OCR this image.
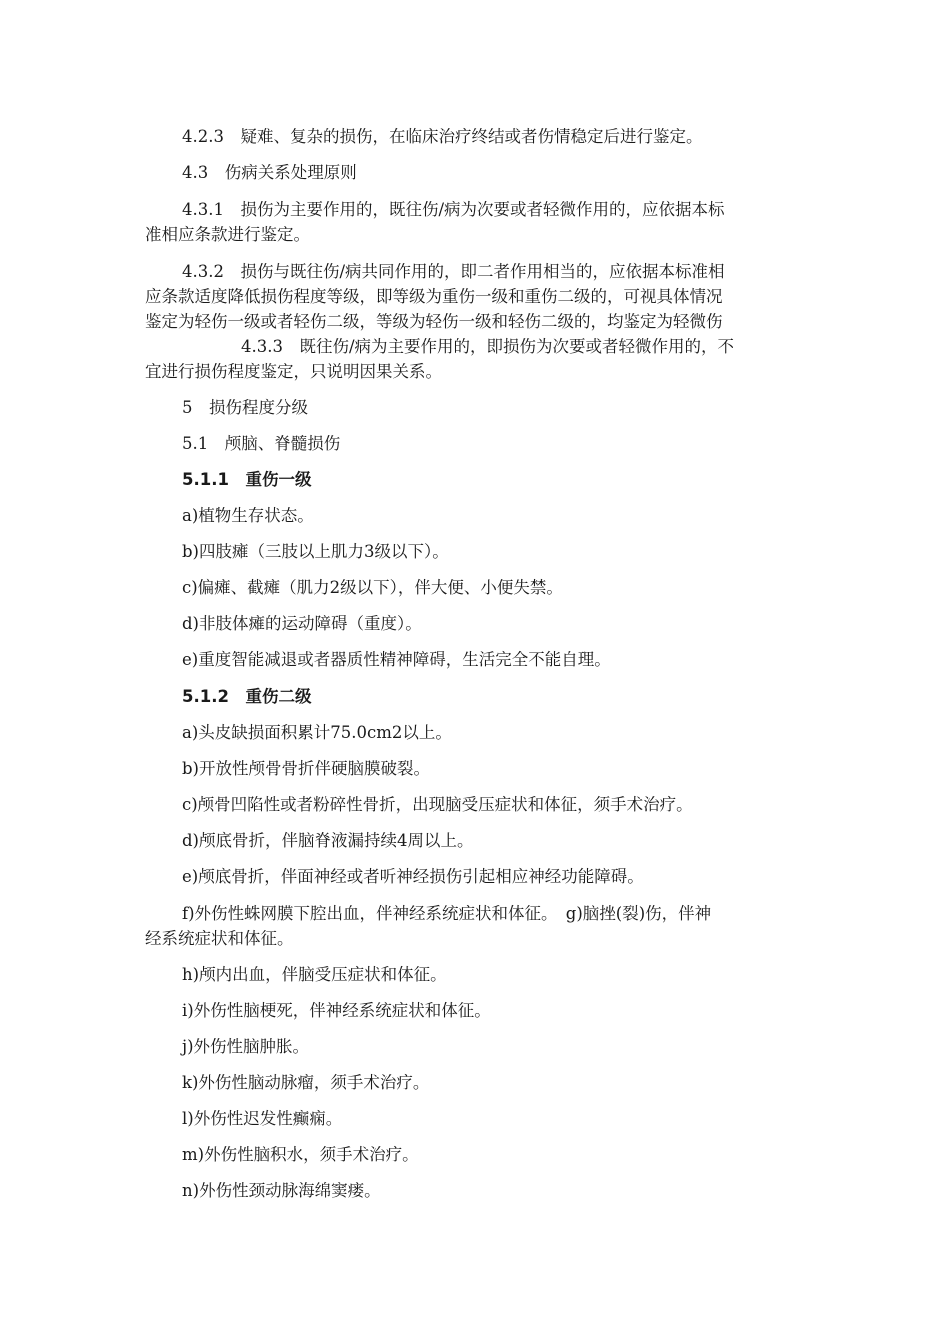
4.2.3　疑难、复杂的损伤，在临床治疗终结或者伤情稳定后进行鉴定。
4.3　伤病关系处理原则
4.3.1　损伤为主要作用的，既往伤/病为次要或者轻微作用的，应依据本标
准相应条款进行鉴定。
4.3.2　损伤与既往伤/病共同作用的，即二者作用相当的，应依据本标准相
应条款适度降低损伤程度等级，即等级为重伤一级和重伤二级的，可视具体情况
鉴定为轻伤一级或者轻伤二级，等级为轻伤一级和轻伤二级的，均鉴定为轻微伤
4.3.3　既往伤/病为主要作用的，即损伤为次要或者轻微作用的，不
宜进行损伤程度鉴定，只说明因果关系。
5　损伤程度分级
5.1　颅脑、脊髓损伤
5.1.1　重伤一级
a)植物生存状态。
b)四肢瘫（三肢以上肌力3级以下）。
c)偏瘫、截瘫（肌力2级以下），伴大便、小便失禁。
d)非肢体瘫的运动障碍（重度）。
e)重度智能减退或者器质性精神障碍，生活完全不能自理。
5.1.2　重伤二级
a)头皮缺损面积累计75.0cm2以上。
b)开放性颅骨骨折伴硬脑膜破裂。
c)颅骨凹陷性或者粉碎性骨折，出现脑受压症状和体征，须手术治疗。
d)颅底骨折，伴脑脊液漏持续4周以上。
e)颅底骨折，伴面神经或者听神经损伤引起相应神经功能障碍。
f)外伤性蛛网膜下腔出血，伴神经系统症状和体征。　g)脑挫(裂)伤，伴神
经系统症状和体征。
h)颅内出血，伴脑受压症状和体征。
i)外伤性脑梗死，伴神经系统症状和体征。
j)外伤性脑肿胀。
k)外伤性脑动脉瘤，须手术治疗。
l)外伤性迟发性癫痫。
m)外伤性脑积水，须手术治疗。
n)外伤性颈动脉海绵窦瘘。
